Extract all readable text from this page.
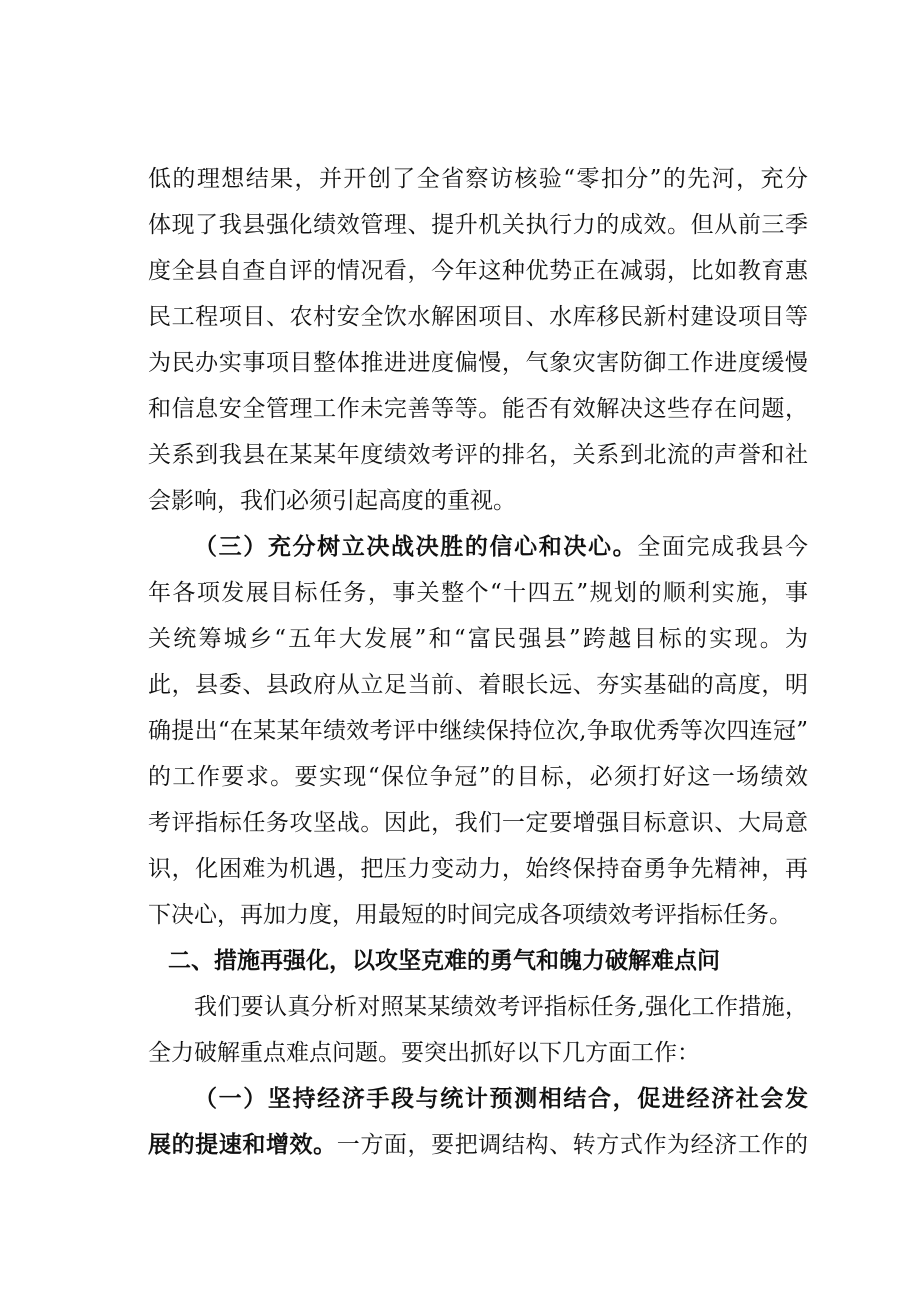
低的理想结果，并开创了全省察访核验“零扣分”的先河，充分
体现了我县强化绩效管理、提升机关执行力的成效。但从前三季
度全县自查自评的情况看，今年这种优势正在减弱，比如教育惠
民工程项目、农村安全饮水解困项目、水库移民新村建设项目等
为民办实事项目整体推进进度偏慢，气象灾害防御工作进度缓慢
和信息安全管理工作未完善等等。能否有效解决这些存在问题，
关系到我县在某某年度绩效考评的排名，关系到北流的声誉和社
会影响，我们必须引起高度的重视。
（三）充分树立决战决胜的信心和决心。全面完成我县今
年各项发展目标任务，事关整个“十四五”规划的顺利实施，事
关统筹城乡“五年大发展”和“富民强县”跨越目标的实现。为
此，县委、县政府从立足当前、着眼长远、夯实基础的高度，明
确提出“在某某年绩效考评中继续保持位次,争取优秀等次四连冠”
的工作要求。要实现“保位争冠”的目标，必须打好这一场绩效
考评指标任务攻坚战。因此，我们一定要增强目标意识、大局意
识，化困难为机遇，把压力变动力，始终保持奋勇争先精神，再
下决心，再加力度，用最短的时间完成各项绩效考评指标任务。
二、措施再强化，以攻坚克难的勇气和魄力破解难点问
我们要认真分析对照某某绩效考评指标任务,强化工作措施，
全力破解重点难点问题。要突出抓好以下几方面工作：
（一）坚持经济手段与统计预测相结合，促进经济社会发
展的提速和增效。一方面，要把调结构、转方式作为经济工作的
